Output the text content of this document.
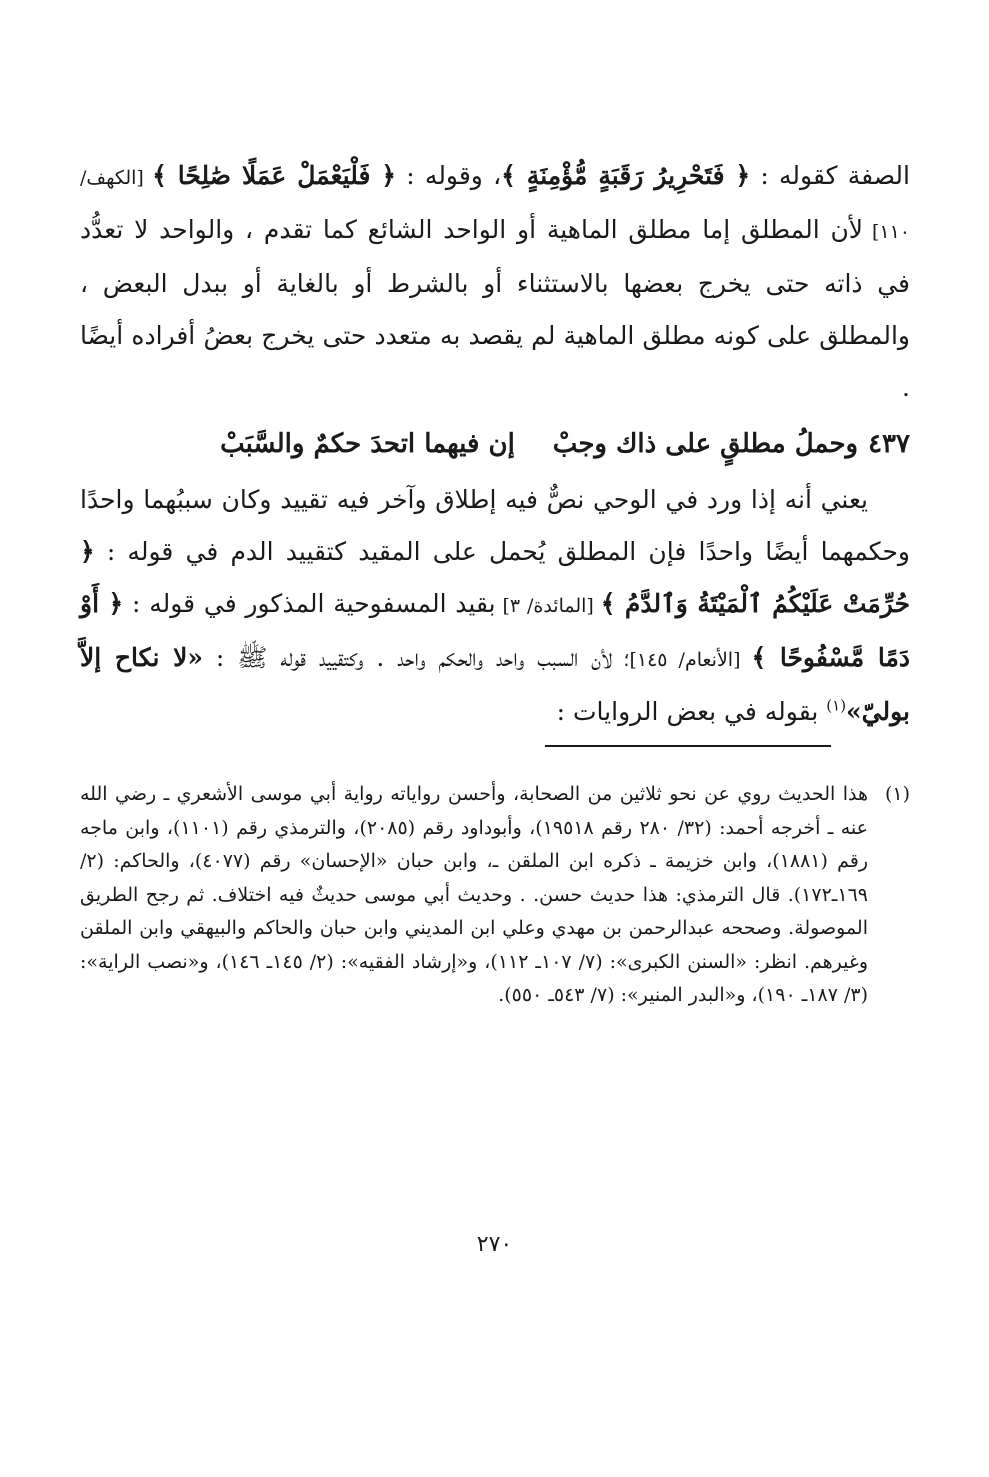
الصفة كقوله : ﴿ فَتَحْرِيرُ رَقَبَةٍ مُّؤْمِنَةٍ ﴾، وقوله : ﴿ فَلْيَعْمَلْ عَمَلًا صَٰلِحًا ﴾ [الكهف/ ١١٠] لأن المطلق إما مطلق الماهية أو الواحد الشائع كما تقدم ، والواحد لا تعدُّد في ذاته حتى يخرج بعضها بالاستثناء أو بالشرط أو بالغاية أو ببدل البعض ، والمطلق على كونه مطلق الماهية لم يقصد به متعدد حتى يخرج بعضُ أفراده أيضًا .

٤٣٧وحملُ مطلقٍ على ذاك وجبْإن فيهما اتحدَ حكمٌ والسَّبَبْ

يعني أنه إذا ورد في الوحي نصٌّ فيه إطلاق وآخر فيه تقييد وكان سببُهما واحدًا وحكمهما أيضًا واحدًا فإن المطلق يُحمل على المقيد كتقييد الدم في قوله : ﴿ حُرِّمَتْ عَلَيْكُمُ ٱلْمَيْتَةُ وَٱلدَّمُ ﴾ [المائدة/ ٣] بقيد المسفوحية المذكور في قوله : ﴿ أَوْ دَمًا مَّسْفُوحًا ﴾ [الأنعام/ ١٤٥]؛ لأن السبب واحد والحكم واحد . وكتقييد قوله ﷺ : «لا نكاح إلاَّ بوليّ»$^{(١)}$ بقوله في بعض الروايات :

(١)

هذا الحديث روي عن نحو ثلاثين من الصحابة، وأحسن رواياته رواية أبي موسى الأشعري ـ رضي الله عنه ـ أخرجه أحمد: (٣٢/ ٢٨٠ رقم ١٩٥١٨)، وأبوداود رقم (٢٠٨٥)، والترمذي رقم (١١٠١)، وابن ماجه رقم (١٨٨١)، وابن خزيمة ـ ذكره ابن الملقن ـ، وابن حبان «الإحسان» رقم (٤٠٧٧)، والحاكم: (٢/ ١٦٩ـ١٧٢). قال الترمذي: هذا حديث حسن. . وحديث أبي موسى حديثٌ فيه اختلاف. ثم رجح الطريق الموصولة. وصححه عبدالرحمن بن مهدي وعلي ابن المديني وابن حبان والحاكم والبيهقي وابن الملقن وغيرهم. انظر: «السنن الكبرى»: (٧/ ١٠٧ـ ١١٢)، و«إرشاد الفقيه»: (٢/ ١٤٥ـ ١٤٦)، و«نصب الراية»: (٣/ ١٨٧ـ ١٩٠)، و«البدر المنير»: (٧/ ٥٤٣ـ ٥٥٠).

٢٧٠
